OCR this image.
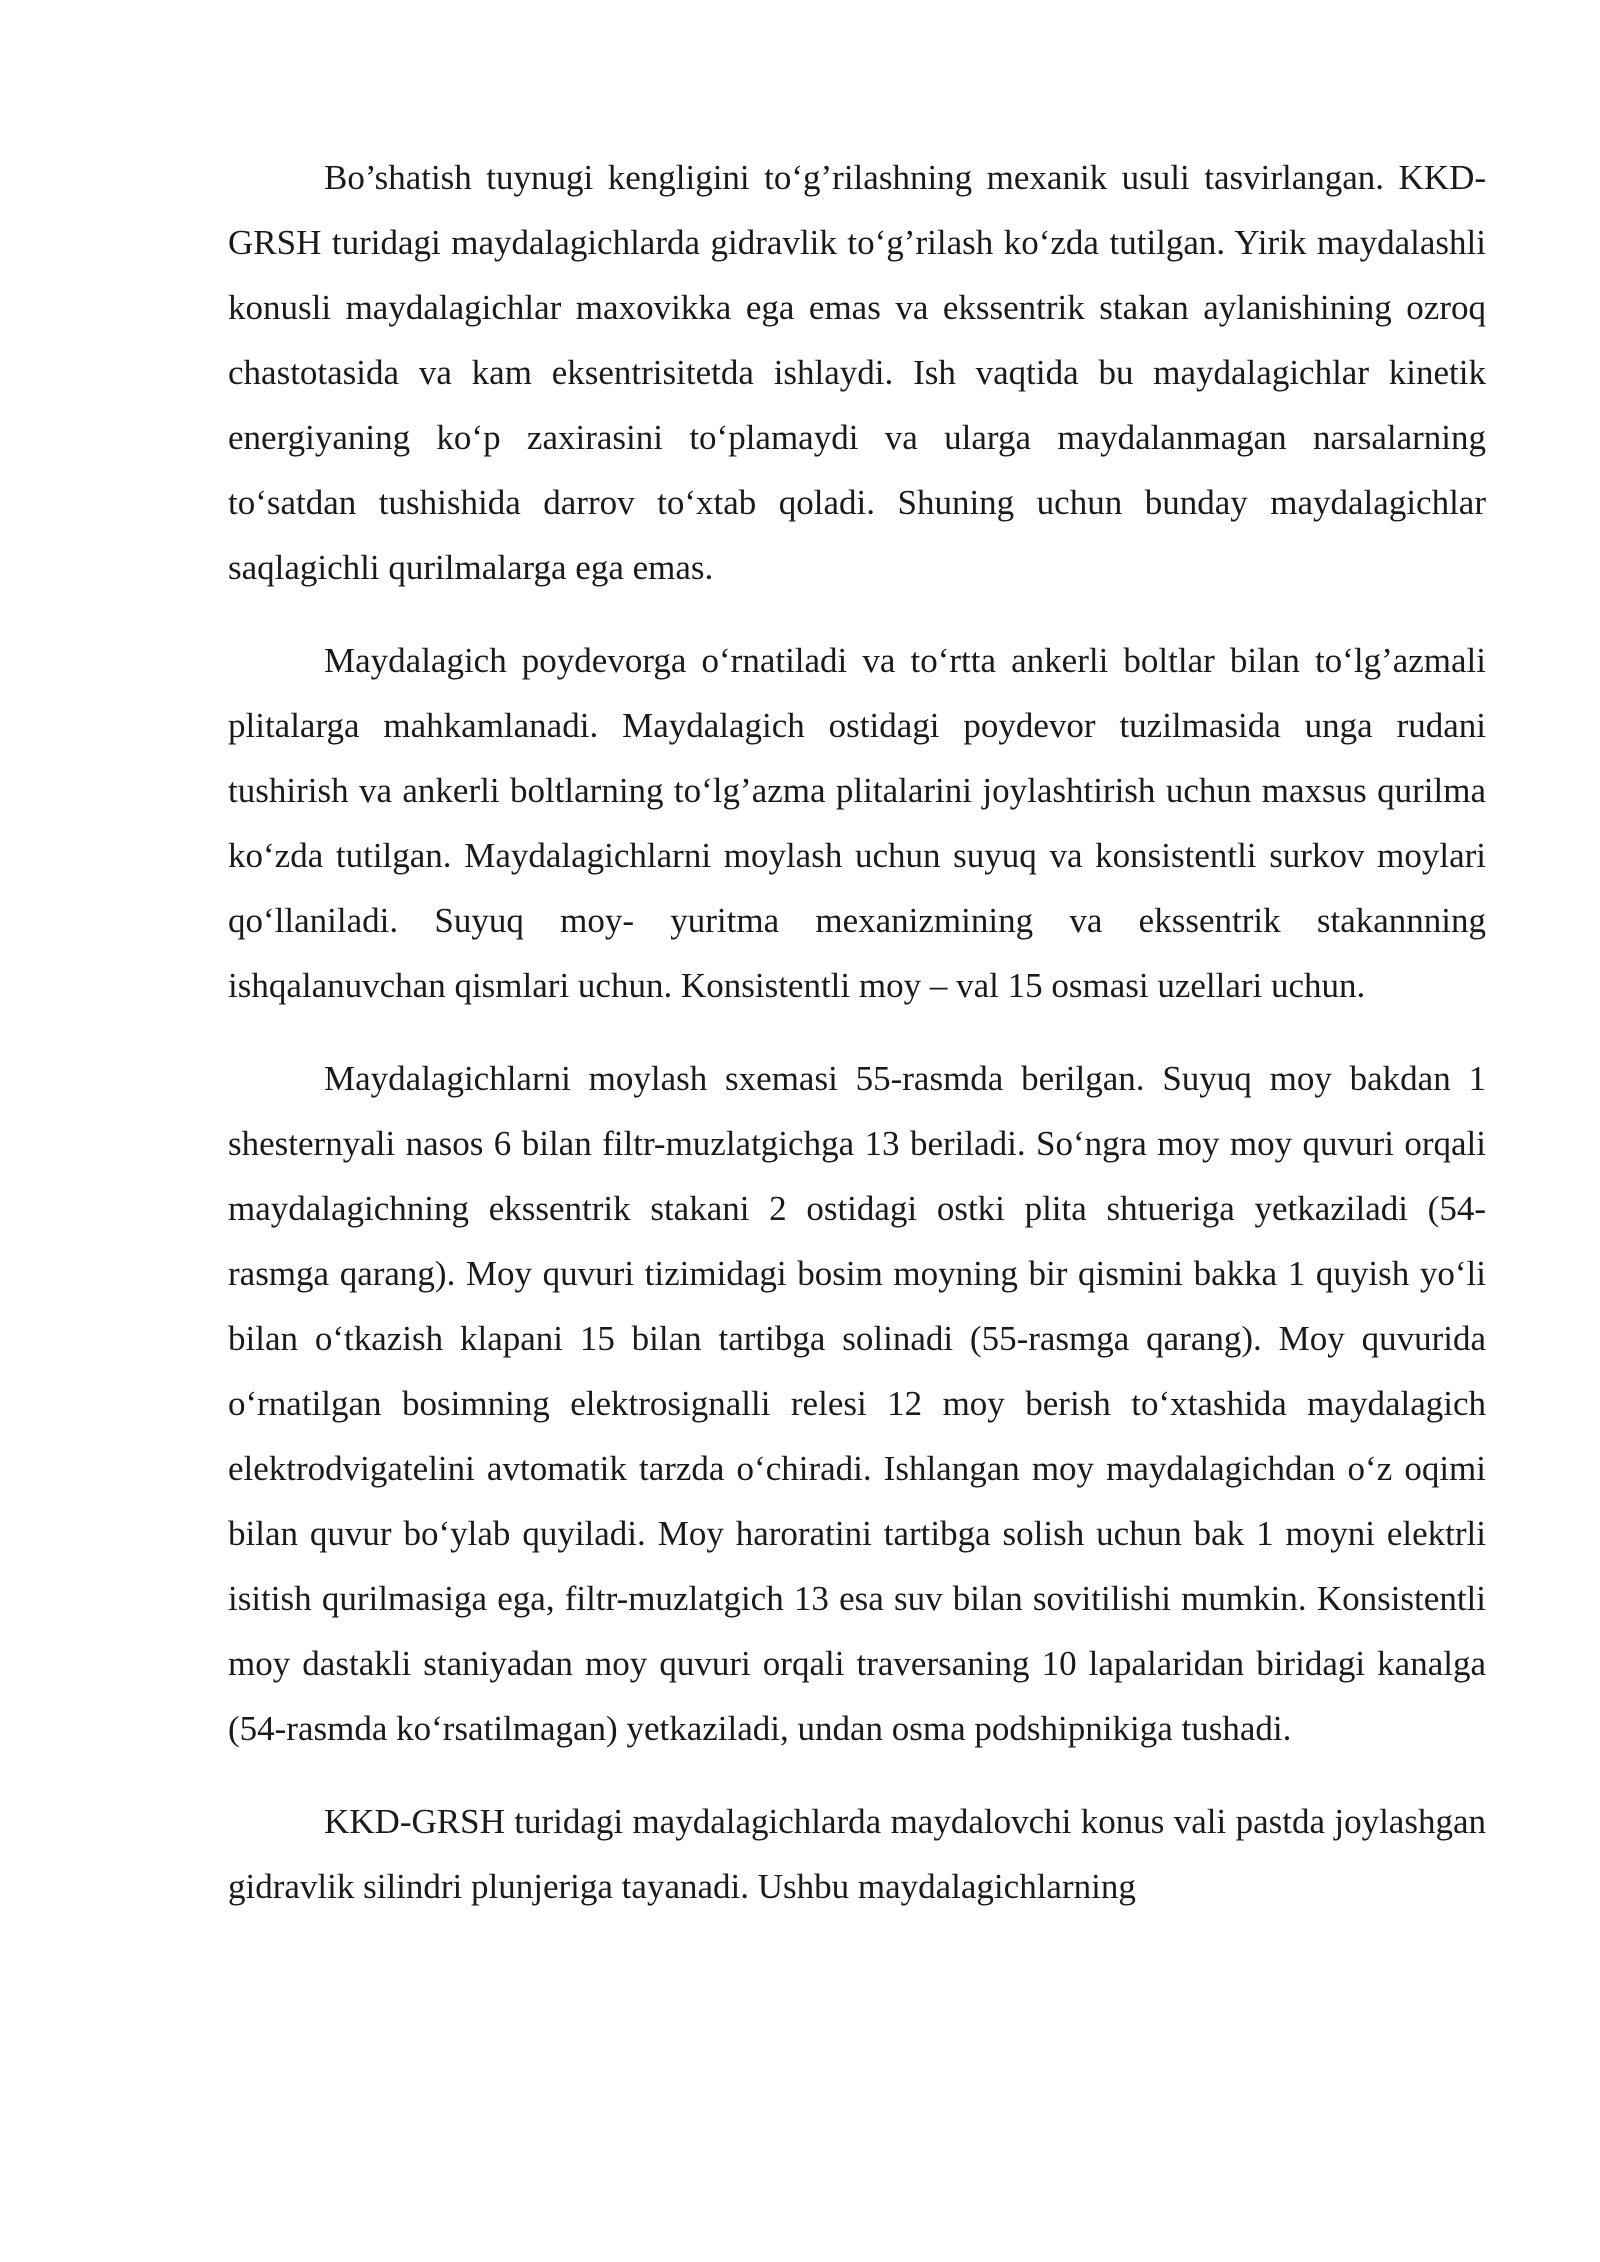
Bo’shatish tuynugi kengligini to‘g’rilashning mexanik usuli tasvirlangan. KKD-GRSH turidagi maydalagichlarda gidravlik to‘g’rilash ko‘zda tutilgan. Yirik maydalashli konusli maydalagichlar maxovikka ega emas va ekssentrik stakan aylanishining ozroq chastotasida va kam eksentrisitetda ishlaydi. Ish vaqtida bu maydalagichlar kinetik energiyaning ko‘p zaxirasini to‘plamaydi va ularga maydalanmagan narsalarning to‘satdan tushishida darrov to‘xtab qoladi. Shuning uchun bunday maydalagichlar saqlagichli qurilmalarga ega emas.

Maydalagich poydevorga o‘rnatiladi va to‘rtta ankerli boltlar bilan to‘lg’azmali plitalarga mahkamlanadi. Maydalagich ostidagi poydevor tuzilmasida unga rudani tushirish va ankerli boltlarning to‘lg’azma plitalarini joylashtirish uchun maxsus qurilma ko‘zda tutilgan. Maydalagichlarni moylash uchun suyuq va konsistentli surkov moylari qo‘llaniladi. Suyuq moy- yuritma mexanizmining va ekssentrik stakannning ishqalanuvchan qismlari uchun. Konsistentli moy – val 15 osmasi uzellari uchun.

Maydalagichlarni moylash sxemasi 55-rasmda berilgan. Suyuq moy bakdan 1 shesternyali nasos 6 bilan filtr-muzlatgichga 13 beriladi. So‘ngra moy moy quvuri orqali maydalagichning ekssentrik stakani 2 ostidagi ostki plita shtueriga yetkaziladi (54-rasmga qarang). Moy quvuri tizimidagi bosim moyning bir qismini bakka 1 quyish yo‘li bilan o‘tkazish klapani 15 bilan tartibga solinadi (55-rasmga qarang). Moy quvurida o‘rnatilgan bosimning elektrosignalli relesi 12 moy berish to‘xtashida maydalagich elektrodvigatelini avtomatik tarzda o‘chiradi. Ishlangan moy maydalagichdan o‘z oqimi bilan quvur bo‘ylab quyiladi. Moy haroratini tartibga solish uchun bak 1 moyni elektrli isitish qurilmasiga ega, filtr-muzlatgich 13 esa suv bilan sovitilishi mumkin. Konsistentli moy dastakli staniyadan moy quvuri orqali traversaning 10 lapalaridan biridagi kanalga (54-rasmda ko‘rsatilmagan) yetkaziladi, undan osma podshipnikiga tushadi.

KKD-GRSH turidagi maydalagichlarda maydalovchi konus vali pastda joylashgan gidravlik silindri plunjeriga tayanadi. Ushbu maydalagichlarning
